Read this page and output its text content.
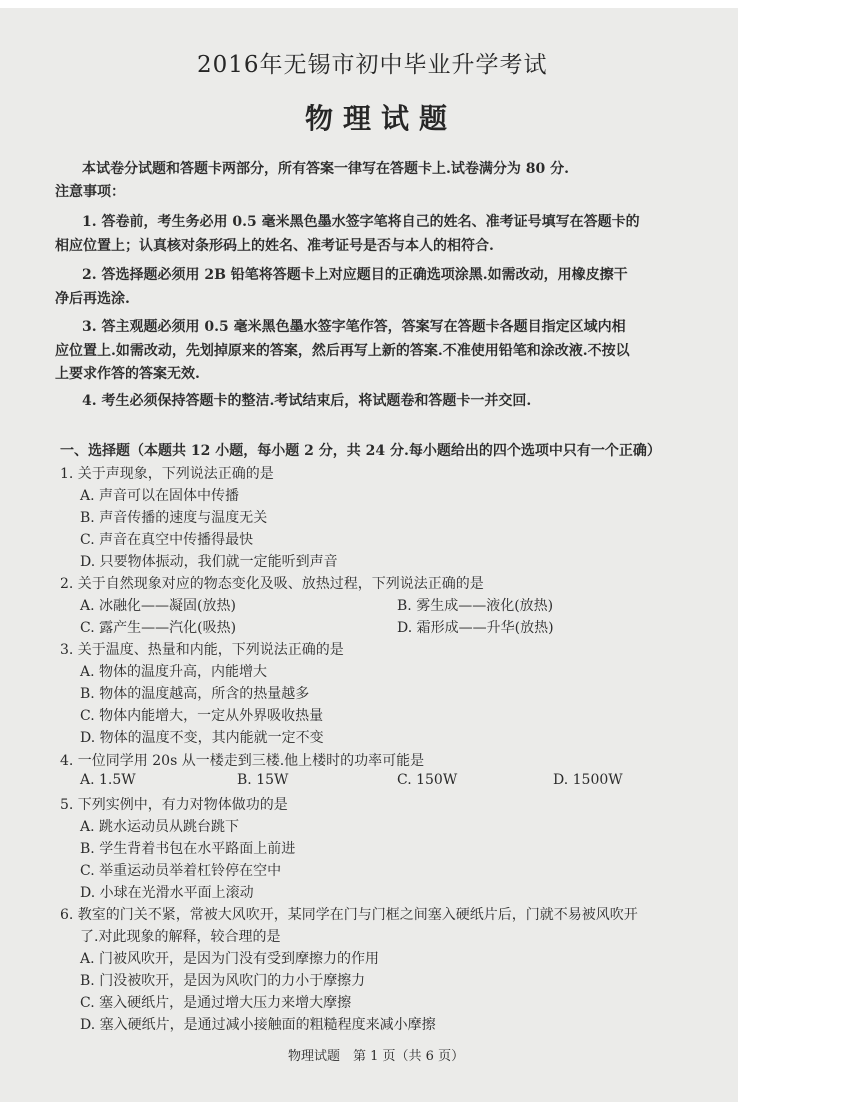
2016年无锡市初中毕业升学考试
物理试题
本试卷分试题和答题卡两部分，所有答案一律写在答题卡上.试卷满分为 80 分.
注意事项：
1. 答卷前，考生务必用 0.5 毫米黑色墨水签字笔将自己的姓名、准考证号填写在答题卡的
相应位置上；认真核对条形码上的姓名、准考证号是否与本人的相符合.
2. 答选择题必须用 2B 铅笔将答题卡上对应题目的正确选项涂黑.如需改动，用橡皮擦干
净后再选涂.
3. 答主观题必须用 0.5 毫米黑色墨水签字笔作答，答案写在答题卡各题目指定区域内相
应位置上.如需改动，先划掉原来的答案，然后再写上新的答案.不准使用铅笔和涂改液.不按以
上要求作答的答案无效.
4. 考生必须保持答题卡的整洁.考试结束后，将试题卷和答题卡一并交回.
一、选择题（本题共 12 小题，每小题 2 分，共 24 分.每小题给出的四个选项中只有一个正确）
1. 关于声现象，下列说法正确的是
A. 声音可以在固体中传播
B. 声音传播的速度与温度无关
C. 声音在真空中传播得最快
D. 只要物体振动，我们就一定能听到声音
2. 关于自然现象对应的物态变化及吸、放热过程，下列说法正确的是
A. 冰融化——凝固(放热)	B. 雾生成——液化(放热)
C. 露产生——汽化(吸热)	D. 霜形成——升华(放热)
3. 关于温度、热量和内能，下列说法正确的是
A. 物体的温度升高，内能增大
B. 物体的温度越高，所含的热量越多
C. 物体内能增大，一定从外界吸收热量
D. 物体的温度不变，其内能就一定不变
4. 一位同学用 20s 从一楼走到三楼.他上楼时的功率可能是
A. 1.5W	B. 15W	C. 150W	D. 1500W
5. 下列实例中，有力对物体做功的是
A. 跳水运动员从跳台跳下
B. 学生背着书包在水平路面上前进
C. 举重运动员举着杠铃停在空中
D. 小球在光滑水平面上滚动
6. 教室的门关不紧，常被大风吹开，某同学在门与门框之间塞入硬纸片后，门就不易被风吹开
了.对此现象的解释，较合理的是
A. 门被风吹开，是因为门没有受到摩擦力的作用
B. 门没被吹开，是因为风吹门的力小于摩擦力
C. 塞入硬纸片，是通过增大压力来增大摩擦
D. 塞入硬纸片，是通过减小接触面的粗糙程度来减小摩擦
物理试题　第 1 页（共 6 页）
